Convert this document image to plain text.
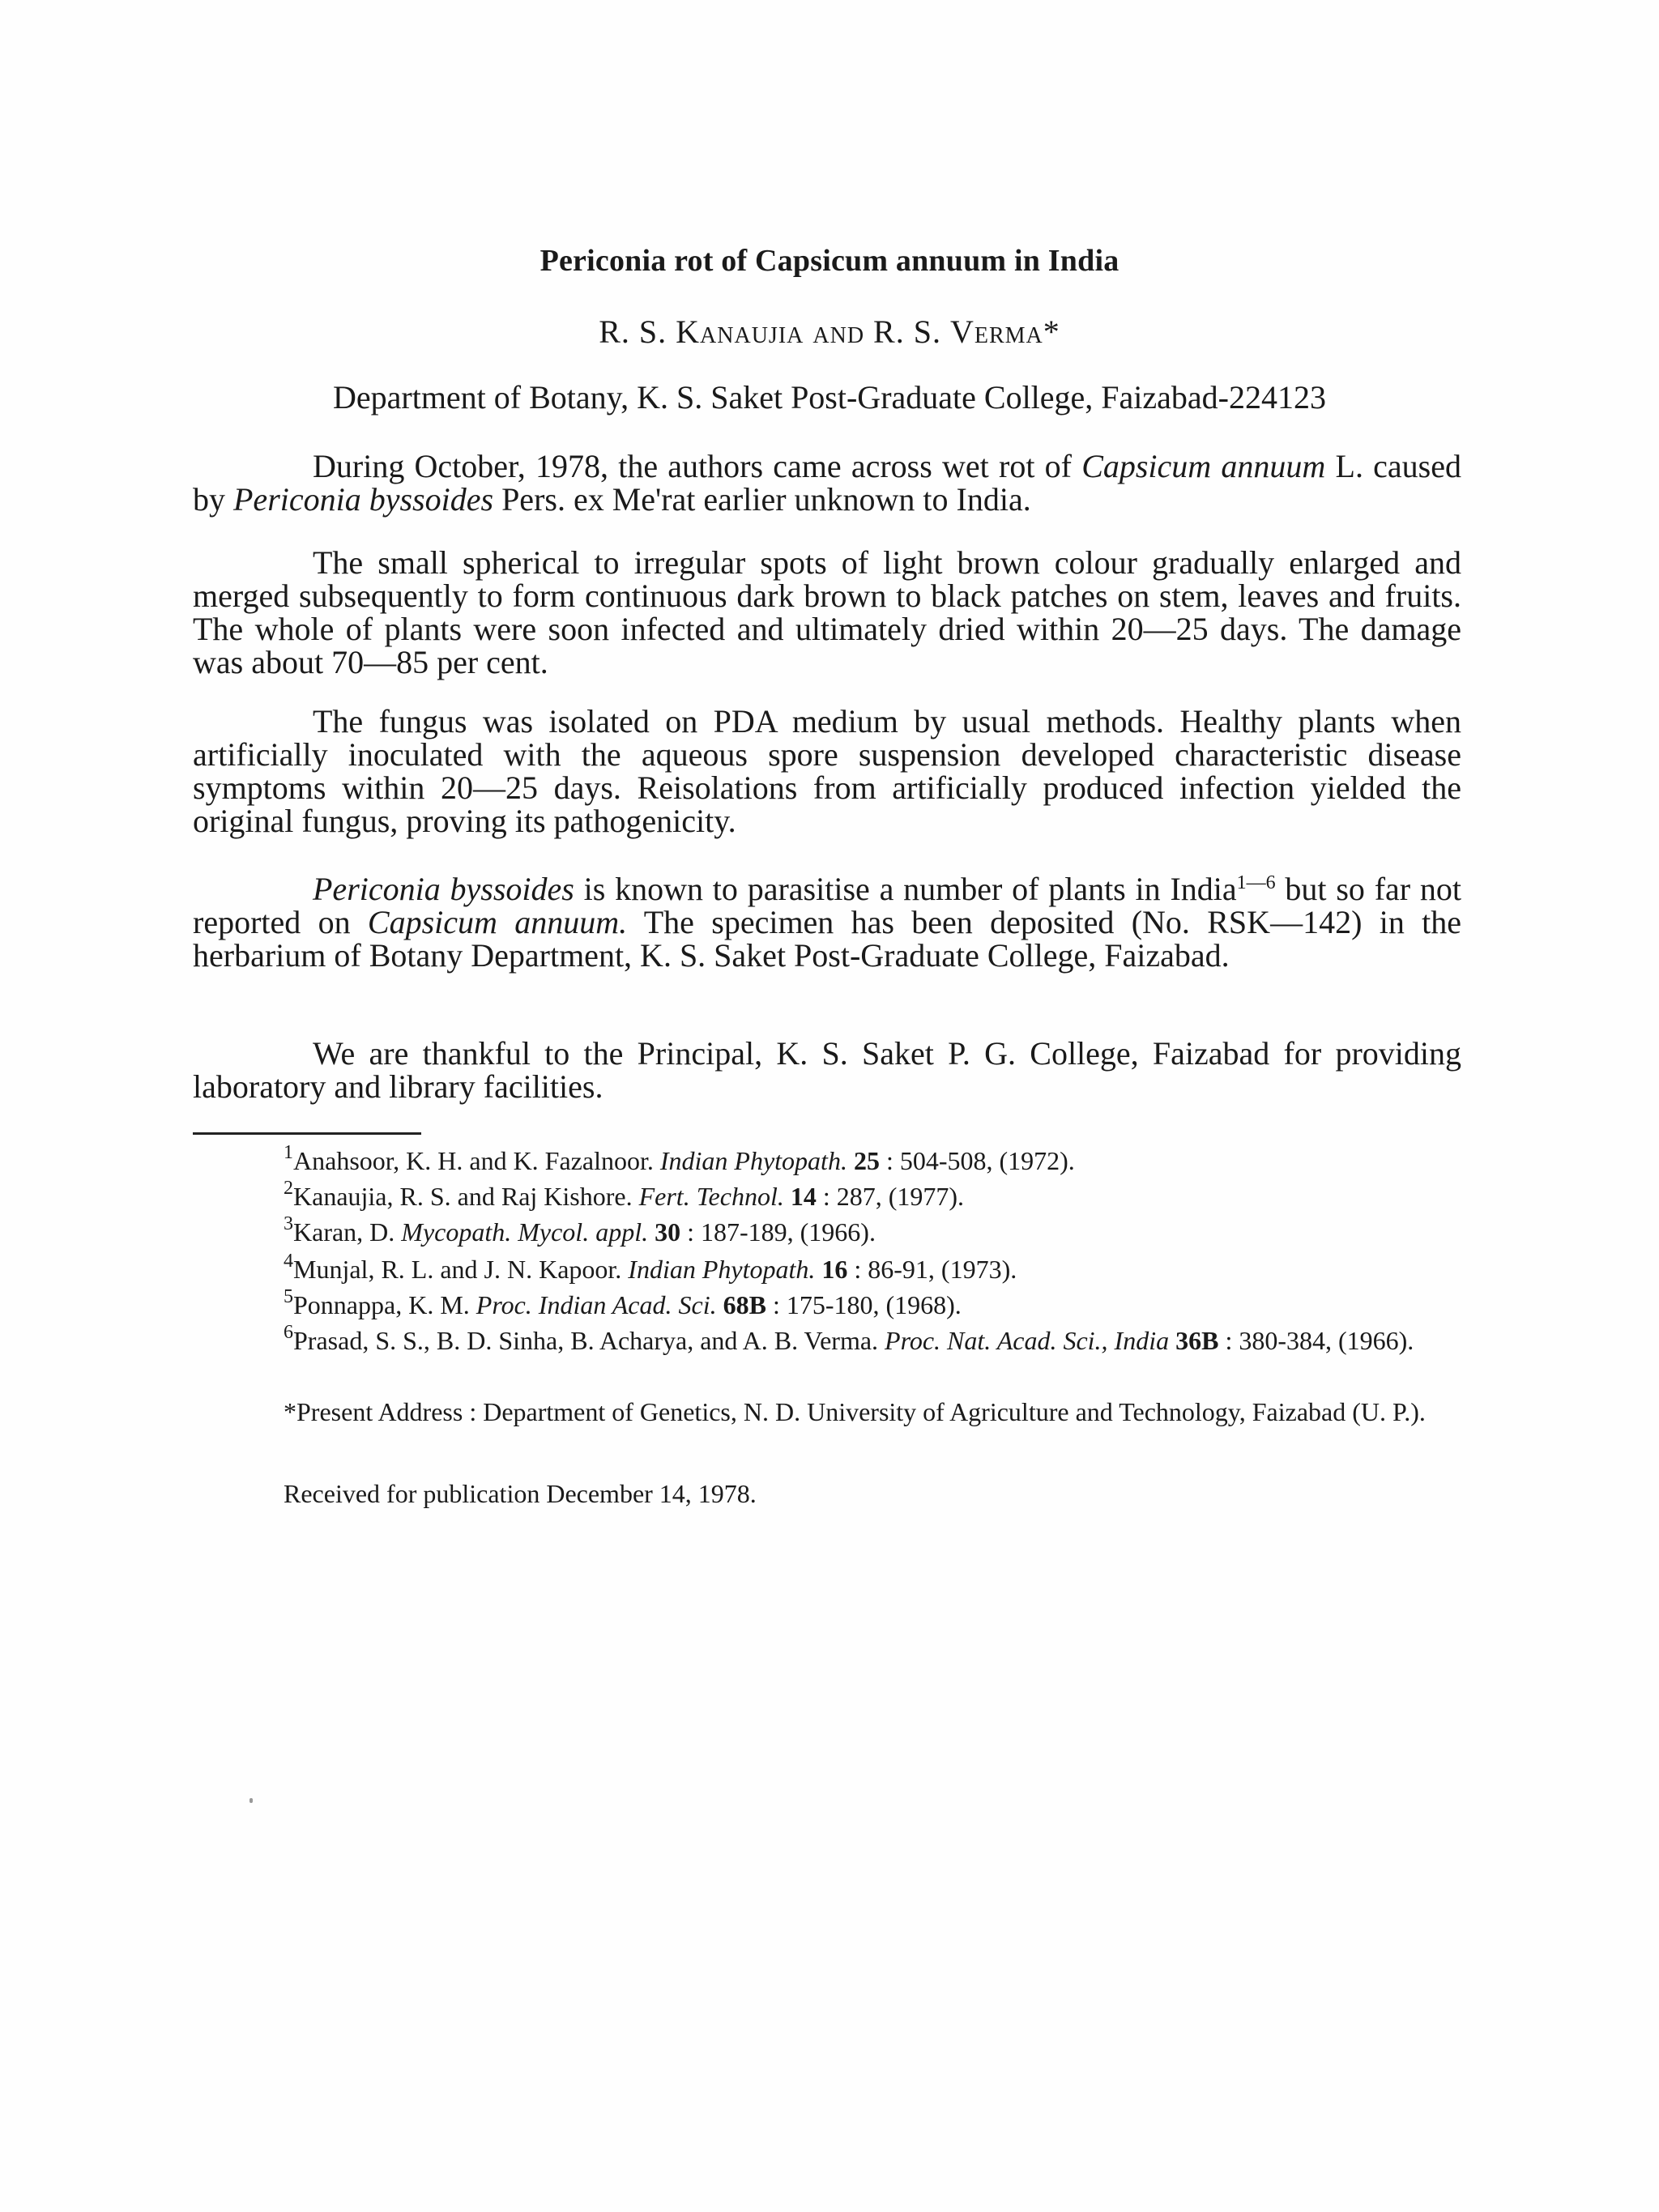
Periconia rot of Capsicum annuum in India
R. S. Kanaujia and R. S. Verma*
Department of Botany, K. S. Saket Post-Graduate College, Faizabad-224123
During October, 1978, the authors came across wet rot of Capsicum annuum L. caused by Periconia byssoides Pers. ex Me'rat earlier unknown to India.
The small spherical to irregular spots of light brown colour gradually enlarged and merged subsequently to form continuous dark brown to black patches on stem, leaves and fruits. The whole of plants were soon infected and ultimately dried within 20—25 days. The damage was about 70—85 per cent.
The fungus was isolated on PDA medium by usual methods. Healthy plants when artificially inoculated with the aqueous spore suspension developed characteristic disease symptoms within 20—25 days. Reisolations from artificially produced infection yielded the original fungus, proving its pathogenicity.
Periconia byssoides is known to parasitise a number of plants in India$^{1—6}$ but so far not reported on Capsicum annuum. The specimen has been deposited (No. RSK—142) in the herbarium of Botany Department, K. S. Saket Post-Graduate College, Faizabad.
We are thankful to the Principal, K. S. Saket P. G. College, Faizabad for providing laboratory and library facilities.
$^1$Anahsoor, K. H. and K. Fazalnoor. Indian Phytopath. 25 : 504-508, (1972).
$^2$Kanaujia, R. S. and Raj Kishore. Fert. Technol. 14 : 287, (1977).
$^3$Karan, D. Mycopath. Mycol. appl. 30 : 187-189, (1966).
$^4$Munjal, R. L. and J. N. Kapoor. Indian Phytopath. 16 : 86-91, (1973).
$^5$Ponnappa, K. M. Proc. Indian Acad. Sci. 68B : 175-180, (1968).
$^6$Prasad, S. S., B. D. Sinha, B. Acharya, and A. B. Verma. Proc. Nat. Acad. Sci., India 36B : 380-384, (1966).
*Present Address : Department of Genetics, N. D. University of Agriculture and Technology, Faizabad (U. P.).
Received for publication December 14, 1978.
